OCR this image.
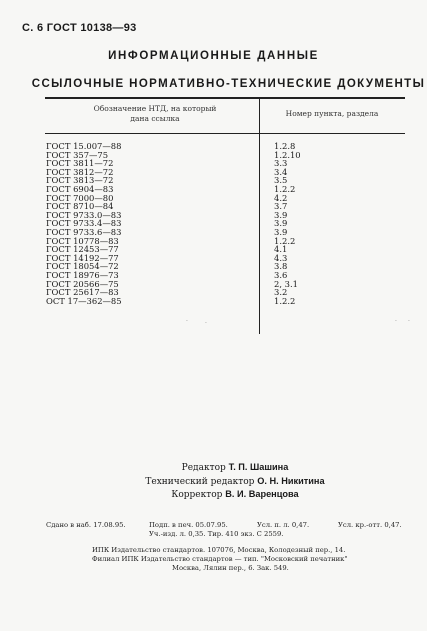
С. 6 ГОСТ 10138—93
ИНФОРМАЦИОННЫЕ ДАННЫЕ
ССЫЛОЧНЫЕ НОРМАТИВНО-ТЕХНИЧЕСКИЕ ДОКУМЕНТЫ
Обозначение НТД, на который
дана ссылка
Номер пункта, раздела
ГОСТ 15.007—88	1.2.8
ГОСТ 357—75	1.2.10
ГОСТ 3811—72	3.3
ГОСТ 3812—72	3.4
ГОСТ 3813—72	3.5
ГОСТ 6904—83	1.2.2
ГОСТ 7000—80	4.2
ГОСТ 8710—84	3.7
ГОСТ 9733.0—83	3.9
ГОСТ 9733.4—83	3.9
ГОСТ 9733.6—83	3.9
ГОСТ 10778—83	1.2.2
ГОСТ 12453—77	4.1
ГОСТ 14192—77	4.3
ГОСТ 18054—72	3.8
ГОСТ 18976—73	3.6
ГОСТ 20566—75	2, 3.1
ГОСТ 25617—83	3.2
ОСТ 17—362—85	1.2.2
.	.	. ·
Редактор Т. П. Шашина
Технический редактор О. Н. Никитина
Корректор В. И. Варенцова
Сдано в наб. 17.08.95.	Подп. в печ. 05.07.95.	Усл. п. л. 0,47.	Усл. кр.-отт. 0,47.
Уч.-изд. л. 0,35. Тир. 410 экз. С 2559.
ИПК Издательство стандартов. 107076, Москва, Колодезный пер., 14.
Филиал ИПК Издательство стандартов — тип. "Московский печатник"
Москва, Лялин пер., 6. Зак. 549.
